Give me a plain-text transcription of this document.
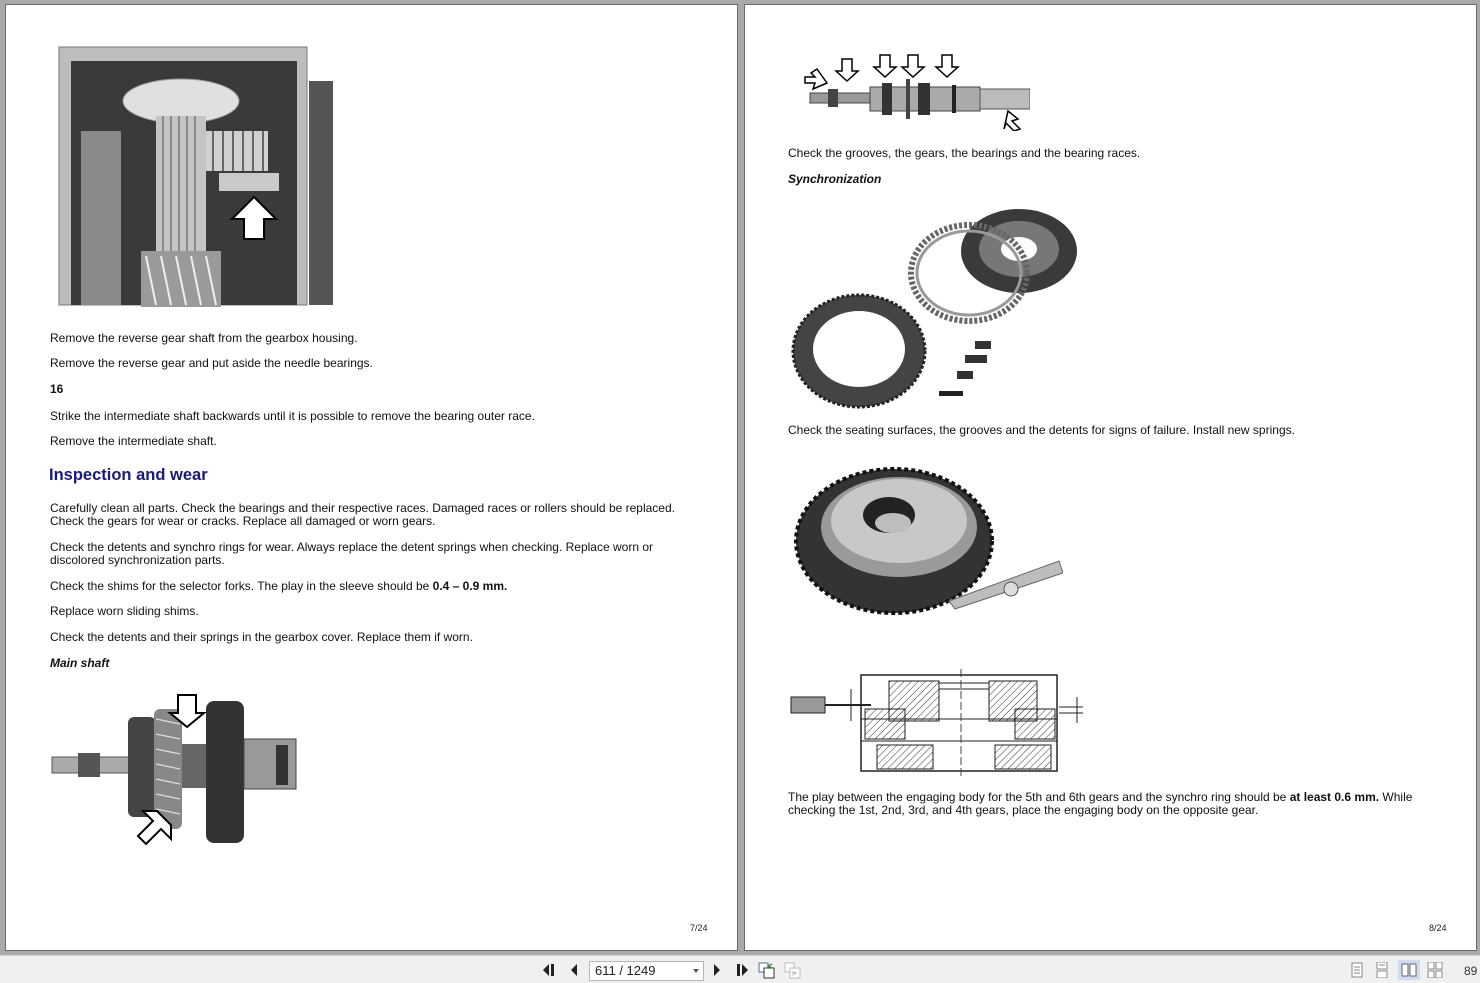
Remove the reverse gear shaft from the gearbox housing.
Remove the reverse gear and put aside the needle bearings.
16
Strike the intermediate shaft backwards until it is possible to remove the bearing outer race.
Remove the intermediate shaft.
Inspection and wear
Carefully clean all parts. Check the bearings and their respective races. Damaged races or rollers should be replaced.
Check the gears for wear or cracks. Replace all damaged or worn gears.
Check the detents and synchro rings for wear. Always replace the detent springs when checking. Replace worn or
discolored synchronization parts.
Check the shims for the selector forks. The play in the sleeve should be 0.4 – 0.9 mm.
Replace worn sliding shims.
Check the detents and their springs in the gearbox cover. Replace them if worn.
Main shaft
7/24
Check the grooves, the gears, the bearings and the bearing races.
Synchronization
Check the seating surfaces, the grooves and the detents for signs of failure. Install new springs.
The play between the engaging body for the 5th and 6th gears and the synchro ring should be at least 0.6 mm. While
checking the 1st, 2nd, 3rd, and 4th gears, place the engaging body on the opposite gear.
8/24
611 / 1249	89
